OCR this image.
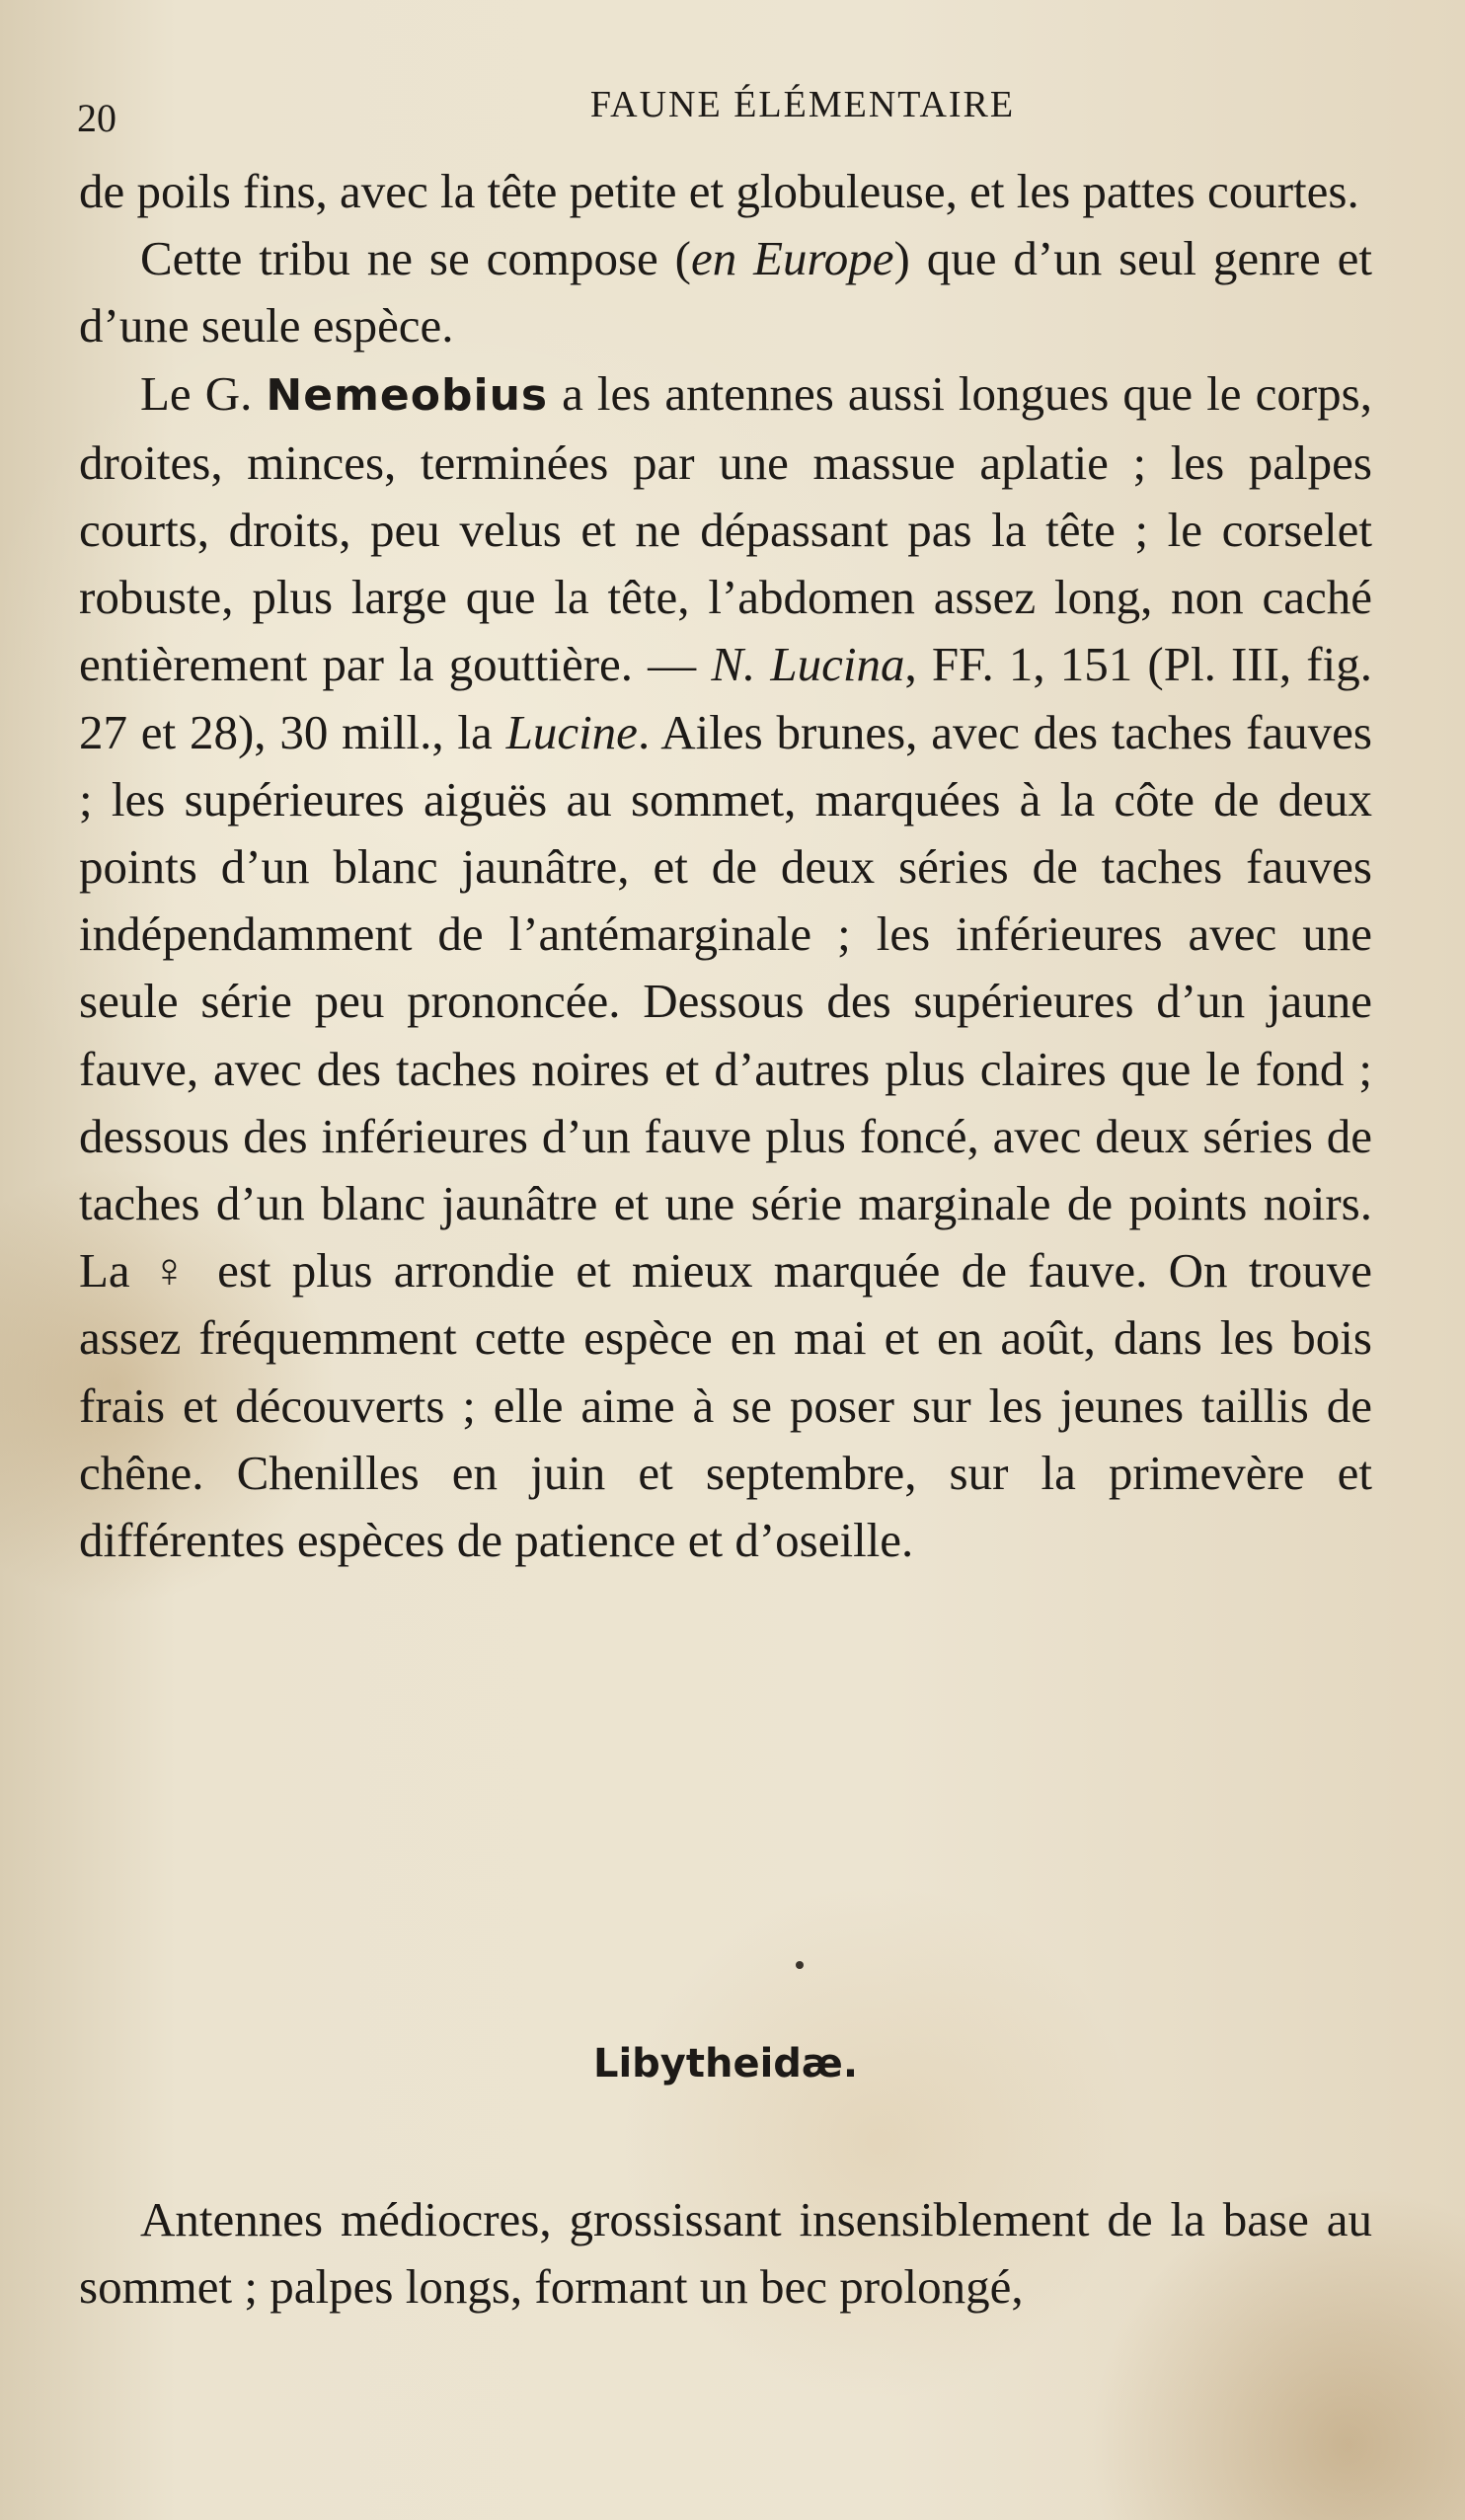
20	FAUNE ÉLÉMENTAIRE

de poils fins, avec la tête petite et globuleuse, et les pattes courtes.

Cette tribu ne se compose (en Europe) que d’un seul genre et d’une seule espèce.

Le G. Nemeobius a les antennes aussi longues que le corps, droites, minces, terminées par une massue aplatie ; les palpes courts, droits, peu velus et ne dépassant pas la tête ; le corselet robuste, plus large que la tête, l’abdomen assez long, non caché entièrement par la gouttière. — N. Lucina, FF. 1, 151 (Pl. III, fig. 27 et 28), 30 mill., la Lucine. Ailes brunes, avec des taches fauves ; les supérieures aiguës au sommet, marquées à la côte de deux points d’un blanc jaunâtre, et de deux séries de taches fauves indépendamment de l’antémarginale ; les inférieures avec une seule série peu prononcée. Dessous des supérieures d’un jaune fauve, avec des taches noires et d’autres plus claires que le fond ; dessous des inférieures d’un fauve plus foncé, avec deux séries de taches d’un blanc jaunâtre et une série marginale de points noirs. La ♀ est plus arrondie et mieux marquée de fauve. On trouve assez fréquemment cette espèce en mai et en août, dans les bois frais et découverts ; elle aime à se poser sur les jeunes taillis de chêne. Chenilles en juin et septembre, sur la primevère et différentes espèces de patience et d’oseille.

Libytheidæ.

Antennes médiocres, grossissant insensiblement de la base au sommet ; palpes longs, formant un bec prolongé,
